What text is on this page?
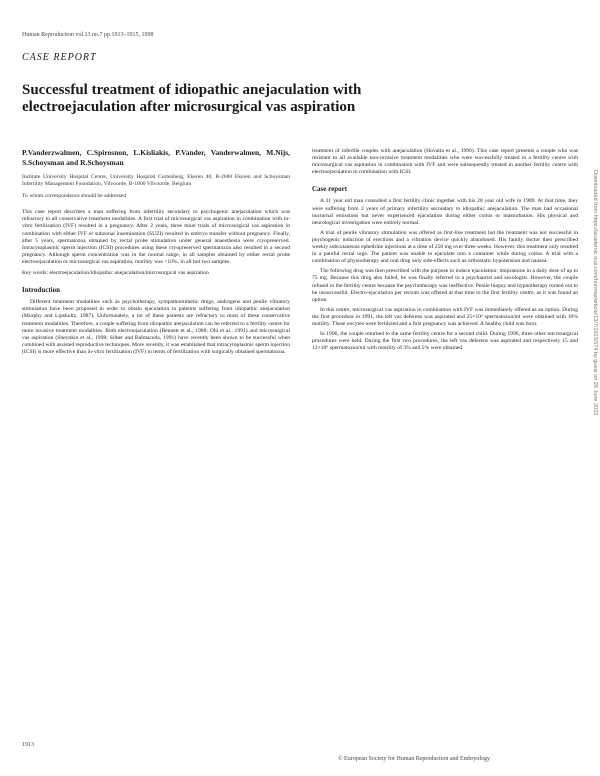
Human Reproduction vol.13 no.7 pp.1913–1915, 1998
CASE REPORT
Successful treatment of idiopathic anejaculation with electroejaculation after microsurgical vas aspiration
P.Vanderzwalmen, C.Spirosnon, L.Kisliakis, P.Vander, Vanderwalmen, M.Nijs, S.Schoysman and R.Schoysman
Institute University Hospital Centre, University Hospital Cortenberg, Ekeren 40, B-2680 Ekeren and Schoysman Infertility Management Foundation, Vilvoorde, B-1800 Vilvoorde, Belgium
To whom correspondence should be addressed
This case report describes a man suffering from infertility secondary to psychogenic anejaculation which was refractory to all conservative treatment modalities. A first trial of microsurgical vas aspiration in combination with in-vitro fertilization (IVF) resulted in a pregnancy. After 2 years, three more trials of microsurgical vas aspiration in combination with either IVF or subzonal insemination (SUZI) resulted in embryo transfer without pregnancy. Finally, after 5 years, spermatozoa obtained by rectal probe stimulation under general anaesthesia were cryopreserved. Intracytoplasmic sperm injection (ICSI) procedures using these cryopreserved spermatozoa also resulted in a second pregnancy. Although sperm concentration was in the normal range, in all samples obtained by either rectal probe electroejaculation or microsurgical vas aspiration, motility was <10%, in all but two samples.
Key words: electroejaculation/idiopathic anejaculation/microsurgical vas aspiration
Introduction

Different treatment modalities such as psychotherapy, sympathomimetic drugs, androgens and penile vibratory stimulation have been proposed in order to obtain ejaculation in patients suffering from idiopathic anejaculation (Murphy and Lipshultz, 1987). Unfortunately, a lot of these patients are refractory to most of these conservative treatment modalities. Therefore, a couple suffering from idiopathic anejaculation can be referred to a fertility centre for more invasive treatment modalities. Both electroejaculation (Bennett et al., 1988; Ohl et al., 1991) and microsurgical vas aspiration (Sheynkin et al., 1998; Silber and Balmaceda, 1991) have recently been shown to be successful when combined with assisted reproductive techniques. More recently, it was established that intracytoplasmic sperm injection (ICSI) is more effective than in-vitro fertilization (IVF) in terms of fertilization with surgically obtained spermatozoa.

treatment of infertile couples with anejaculation (Hovatta et al., 1996). This case report presents a couple who was resistant to all available non-invasive treatment modalities who were successfully treated in a fertility centre with microsurgical vas aspiration in combination with IVF and were subsequently treated in another fertility centre with electroejaculation in combination with ICSI.

Case report

A 31 year old man consulted a first fertility clinic together with his 28 year old wife in 1989. At that time, they were suffering from 2 years of primary infertility secondary to idiopathic anejaculation. The man had occasional nocturnal emissions but never experienced ejaculation during either coitus or masturbation. His physical and neurological investigation were entirely normal.

A trial of penile vibratory stimulation was offered as first-line treatment but the treatment was not successful in psychogenic induction of erections and a vibration device quickly abandoned. His family doctor then prescribed weekly subcutaneous ephedrine injections at a dose of 250 mg over three weeks. However, this treatment only resulted in a painful rectal urge. The patient was unable to ejaculate into a container while during coitus. A trial with a combination of physiotherapy and oral drug only side-effects such as orthostatic hypotension and nausea.

The following drug was then prescribed with the purpose to induce ejaculation: imipramine in a daily dose of up to 75 mg. Because this drug also failed, he was finally referred to a psychiatrist and sexologist. However, the couple refused to the fertility centre because the psychotherapy was ineffective. Penile biopsy and hypnotherapy turned out to be unsuccessful. Electro-ejaculation per rectum was offered at that time to the first fertility centre, as it was found an option.

In this centre, microsurgical vas aspiration in combination with IVF was immediately offered as an option. During the first procedure in 1991, the left vas deferens was aspirated and 25×10⁶ spermatozoa/ml were obtained with 10% motility. These oocytes were fertilized and a first pregnancy was achieved. A healthy child was born.

In 1996, the couple returned to the same fertility centre for a second child. During 1996, three other microsurgical procedures were held. During the first two procedures, the left vas deferens was aspirated and respectively 15 and 12×10⁶ spermatozoa/ml with motility of 3% and 5% were obtained.	Downloaded from https://academic.oup.com/humrep/article/13/7/1913/574 by guest on 28 June 2023
1913
© European Society for Human Reproduction and Embryology
